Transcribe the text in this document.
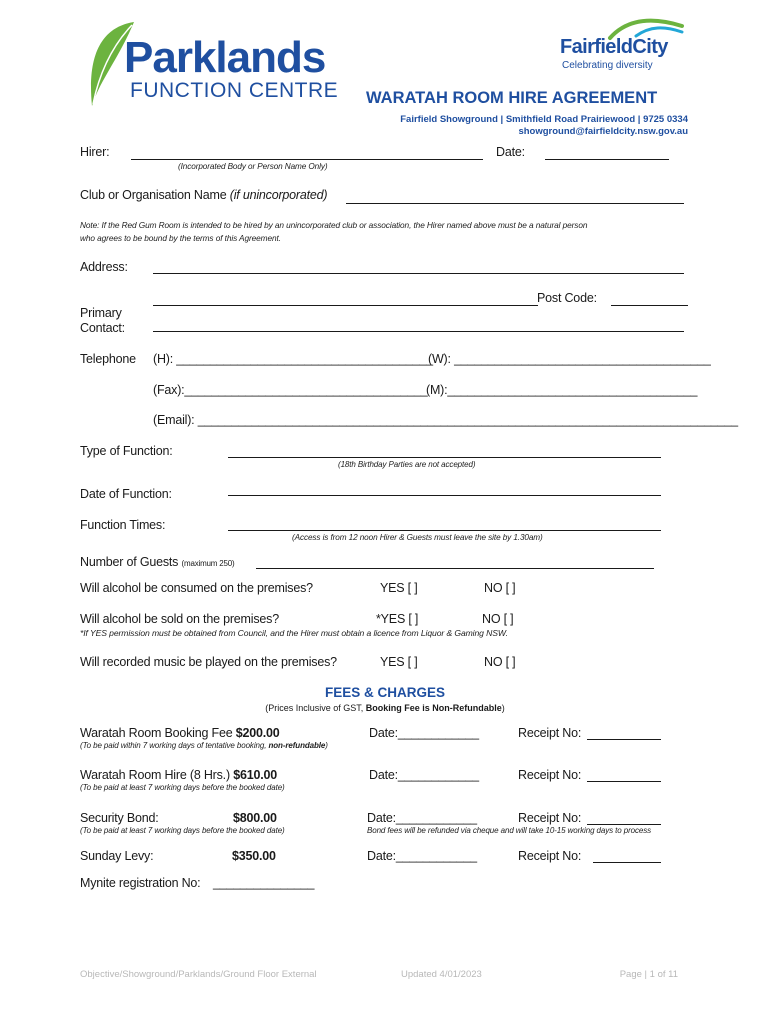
Parklands
FUNCTION CENTRE
FairfieldCity
Celebrating diversity
WARATAH ROOM HIRE AGREEMENT
Fairfield Showground | Smithfield Road Prairiewood | 9725 0334
showground@fairfieldcity.nsw.gov.au
Hirer:
(Incorporated Body or Person Name Only)
Date:
Club or Organisation Name (if unincorporated)
Note: If the Red Gum Room is intended to be hired by an unincorporated club or association, the Hirer named above must be a natural person
who agrees to be bound by the terms of this Agreement.
Address:
Post Code:
Primary
Contact:
Telephone (H): ______________________________________
(W): ______________________________________
(Fax):____________________________________
(M):_____________________________________
(Email): ________________________________________________________________________________
Type of Function:
(18th Birthday Parties are not accepted)
Date of Function:
Function Times:
(Access is from 12 noon Hirer & Guests must leave the site by 1.30am)
Number of Guests (maximum 250)
Will alcohol be consumed on the premises?	YES [ ]	NO [ ]
Will alcohol be sold on the premises?	*YES [ ]	NO [ ]
*If YES permission must be obtained from Council, and the Hirer must obtain a licence from Liquor & Gaming NSW.
Will recorded music be played on the premises?	YES [ ]	NO [ ]
FEES & CHARGES
(Prices Inclusive of GST, Booking Fee is Non-Refundable)
Waratah Room Booking Fee $200.00
(To be paid within 7 working days of tentative booking, non-refundable)
Date:____________	Receipt No:
Waratah Room Hire (8 Hrs.) $610.00
(To be paid at least 7 working days before the booked date)
Date:____________	Receipt No:
Security Bond:	$800.00
(To be paid at least 7 working days before the booked date)
Date:____________	Receipt No:
Bond fees will be refunded via cheque and will take 10-15 working days to process
Sunday Levy:	$350.00	Date:____________	Receipt No:
Mynite registration No: _______________
Objective/Showground/Parklands/Ground Floor External	Updated 4/01/2023	Page | 1 of 11
